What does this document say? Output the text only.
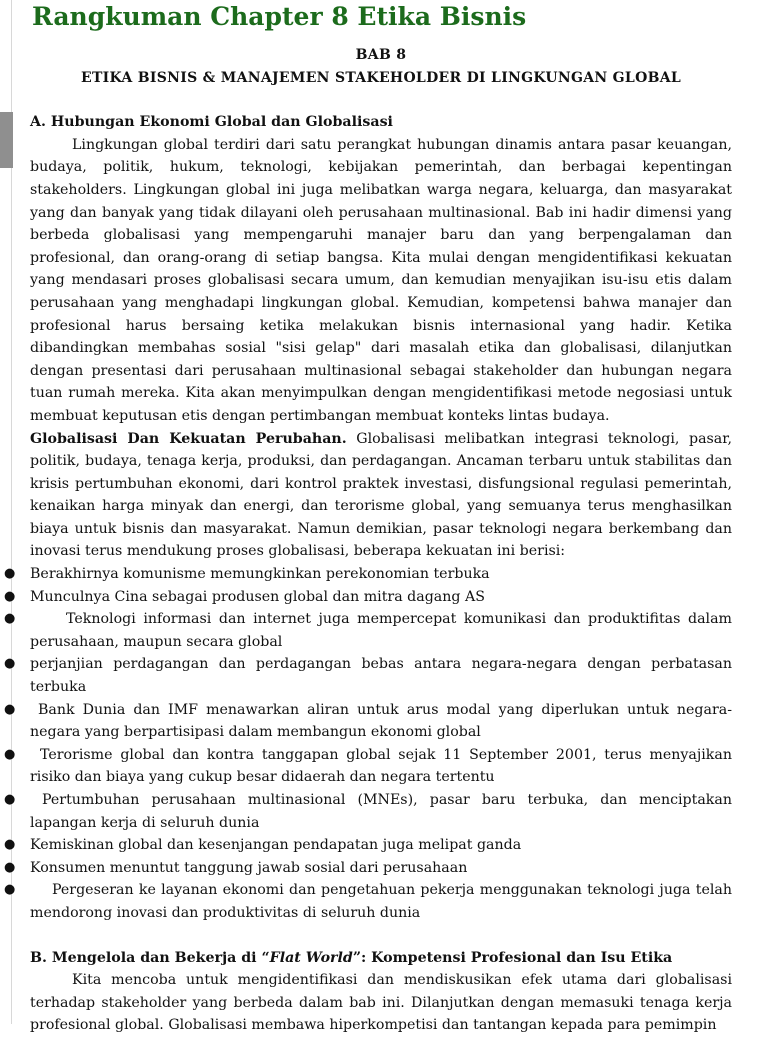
Rangkuman Chapter 8 Etika Bisnis
BAB 8
ETIKA BISNIS & MANAJEMEN STAKEHOLDER DI LINGKUNGAN GLOBAL

A. Hubungan Ekonomi Global dan Globalisasi

Lingkungan global terdiri dari satu perangkat hubungan dinamis antara pasar keuangan, budaya, politik, hukum, teknologi, kebijakan pemerintah, dan berbagai kepentingan stakeholders. Lingkungan global ini juga melibatkan warga negara, keluarga, dan masyarakat yang dan banyak yang tidak dilayani oleh perusahaan multinasional. Bab ini hadir dimensi yang berbeda globalisasi yang mempengaruhi manajer baru dan yang berpengalaman dan profesional, dan orang-orang di setiap bangsa. Kita mulai dengan mengidentifikasi kekuatan yang mendasari proses globalisasi secara umum, dan kemudian menyajikan isu-isu etis dalam perusahaan yang menghadapi lingkungan global. Kemudian, kompetensi bahwa manajer dan profesional harus bersaing ketika melakukan bisnis internasional yang hadir. Ketika dibandingkan membahas sosial "sisi gelap" dari masalah etika dan globalisasi, dilanjutkan dengan presentasi dari perusahaan multinasional sebagai stakeholder dan hubungan negara tuan rumah mereka. Kita akan menyimpulkan dengan mengidentifikasi metode negosiasi untuk membuat keputusan etis dengan pertimbangan membuat konteks lintas budaya.

Globalisasi Dan Kekuatan Perubahan. Globalisasi melibatkan integrasi teknologi, pasar, politik, budaya, tenaga kerja, produksi, dan perdagangan. Ancaman terbaru untuk stabilitas dan krisis pertumbuhan ekonomi, dari kontrol praktek investasi, disfungsional regulasi pemerintah, kenaikan harga minyak dan energi, dan terorisme global, yang semuanya terus menghasilkan biaya untuk bisnis dan masyarakat. Namun demikian, pasar teknologi negara berkembang dan inovasi terus mendukung proses globalisasi, beberapa kekuatan ini berisi:

● Berakhirnya komunisme memungkinkan perekonomian terbuka
● Munculnya Cina sebagai produsen global dan mitra dagang AS
●	Teknologi informasi dan internet juga mempercepat komunikasi dan produktifitas dalam perusahaan, maupun secara global
● perjanjian perdagangan dan perdagangan bebas antara negara-negara dengan perbatasan terbuka
● Bank Dunia dan IMF menawarkan aliran untuk arus modal yang diperlukan untuk negara-negara yang berpartisipasi dalam membangun ekonomi global
● Terorisme global dan kontra tanggapan global sejak 11 September 2001, terus menyajikan risiko dan biaya yang cukup besar didaerah dan negara tertentu
● Pertumbuhan perusahaan multinasional (MNEs), pasar baru terbuka, dan menciptakan lapangan kerja di seluruh dunia
● Kemiskinan global dan kesenjangan pendapatan juga melipat ganda
● Konsumen menuntut tanggung jawab sosial dari perusahaan
●	Pergeseran ke layanan ekonomi dan pengetahuan pekerja menggunakan teknologi juga telah mendorong inovasi dan produktivitas di seluruh dunia

B. Mengelola dan Bekerja di “Flat World”: Kompetensi Profesional dan Isu Etika

Kita mencoba untuk mengidentifikasi dan mendiskusikan efek utama dari globalisasi terhadap stakeholder yang berbeda dalam bab ini. Dilanjutkan dengan memasuki tenaga kerja profesional global. Globalisasi membawa hiperkompetisi dan tantangan kepada para pemimpin
